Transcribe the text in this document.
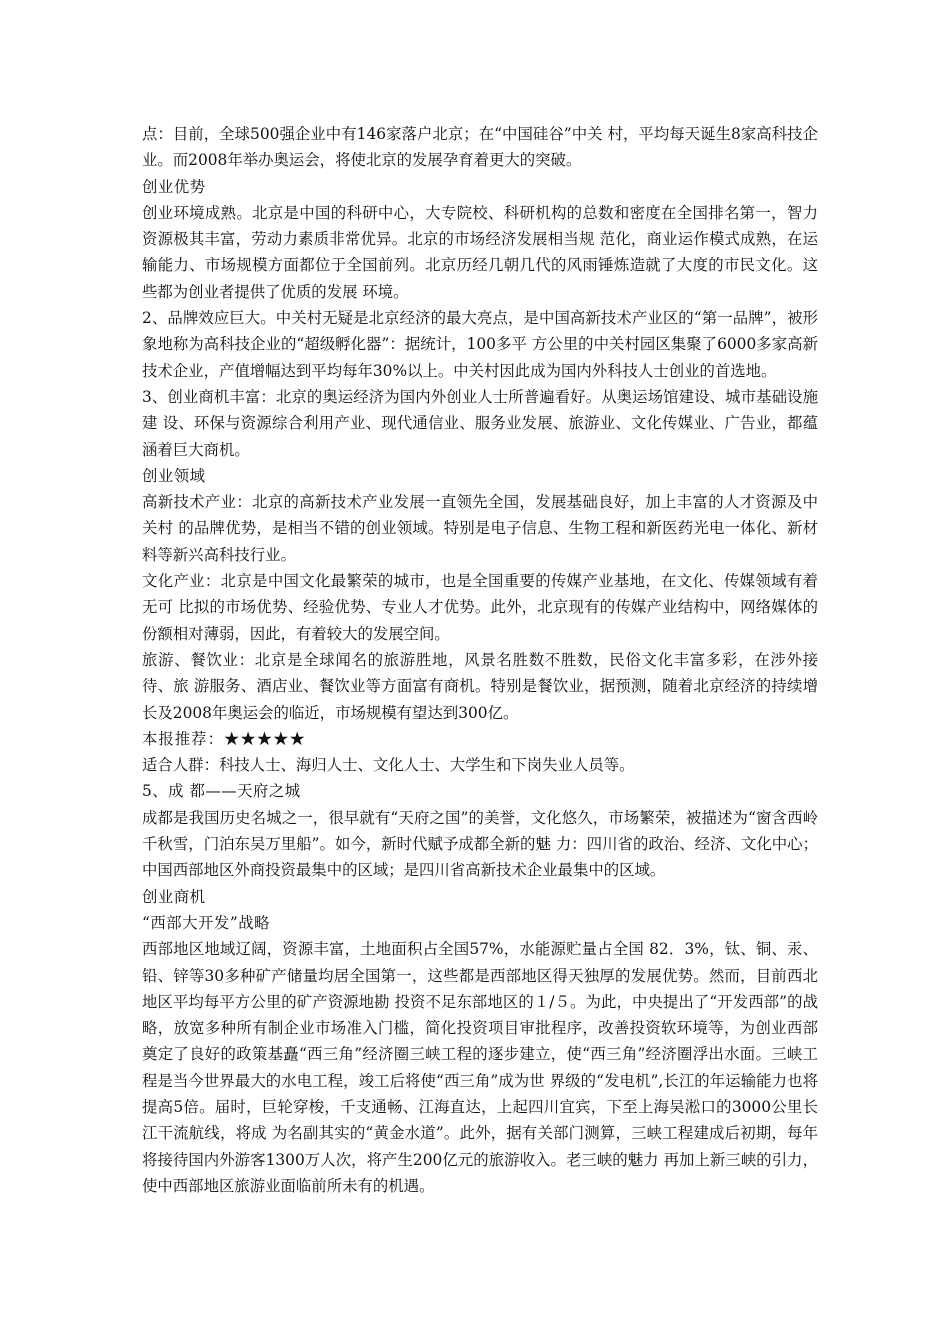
点：目前，全球500强企业中有146家落户北京；在“中国硅谷”中关 村，平均每天诞生8家高科技企业。而2008年举办奥运会，将使北京的发展孕育着更大的突破。

创业优势

创业环境成熟。北京是中国的科研中心，大专院校、科研机构的总数和密度在全国排名第一，智力资源极其丰富，劳动力素质非常优异。北京的市场经济发展相当规 范化，商业运作模式成熟，在运输能力、市场规模方面都位于全国前列。北京历经几朝几代的风雨锤炼造就了大度的市民文化。这些都为创业者提供了优质的发展 环境。

2、品牌效应巨大。中关村无疑是北京经济的最大亮点，是中国高新技术产业区的“第一品牌”，被形象地称为高科技企业的“超级孵化器”：据统计，100多平 方公里的中关村园区集聚了6000多家高新技术企业，产值增幅达到平均每年30%以上。中关村因此成为国内外科技人士创业的首选地。

3、创业商机丰富：北京的奥运经济为国内外创业人士所普遍看好。从奥运场馆建设、城市基础设施建 设、环保与资源综合利用产业、现代通信业、服务业发展、旅游业、文化传媒业、广告业，都蕴涵着巨大商机。

创业领域

高新技术产业：北京的高新技术产业发展一直领先全国，发展基础良好，加上丰富的人才资源及中关村 的品牌优势，是相当不错的创业领域。特别是电子信息、生物工程和新医药光电一体化、新材料等新兴高科技行业。

文化产业：北京是中国文化最繁荣的城市，也是全国重要的传媒产业基地，在文化、传媒领域有着无可 比拟的市场优势、经验优势、专业人才优势。此外，北京现有的传媒产业结构中，网络媒体的份额相对薄弱，因此，有着较大的发展空间。

旅游、餐饮业：北京是全球闻名的旅游胜地，风景名胜数不胜数，民俗文化丰富多彩，在涉外接待、旅 游服务、酒店业、餐饮业等方面富有商机。特别是餐饮业，据预测，随着北京经济的持续增长及2008年奥运会的临近，市场规模有望达到300亿。

本报推荐：★★★★★

适合人群：科技人士、海归人士、文化人士、大学生和下岗失业人员等。

5、成 都——天府之城

成都是我国历史名城之一，很早就有“天府之国”的美誉，文化悠久，市场繁荣，被描述为“窗含西岭千秋雪，门泊东吴万里船”。如今，新时代赋予成都全新的魅 力：四川省的政治、经济、文化中心；中国西部地区外商投资最集中的区域；是四川省高新技术企业最集中的区域。

创业商机

“西部大开发”战略

西部地区地域辽阔，资源丰富，土地面积占全国57%，水能源贮量占全国 82．3%，钛、铜、汞、铅、锌等30多种矿产储量均居全国第一，这些都是西部地区得天独厚的发展优势。然而，目前西北地区平均每平方公里的矿产资源地勘 投资不足东部地区的１/５。为此，中央提出了“开发西部”的战略，放宽多种所有制企业市场准入门槛，简化投资项目审批程序，改善投资软环境等，为创业西部 奠定了良好的政策基矗“西三角”经济圈三峡工程的逐步建立，使“西三角”经济圈浮出水面。三峡工程是当今世界最大的水电工程，竣工后将使“西三角”成为世 界级的“发电机”,长江的年运输能力也将提高5倍。届时，巨轮穿梭，千支通畅、江海直达，上起四川宜宾，下至上海吴淞口的3000公里长江干流航线，将成 为名副其实的“黄金水道”。此外，据有关部门测算，三峡工程建成后初期，每年将接待国内外游客1300万人次，将产生200亿元的旅游收入。老三峡的魅力 再加上新三峡的引力，使中西部地区旅游业面临前所未有的机遇。
